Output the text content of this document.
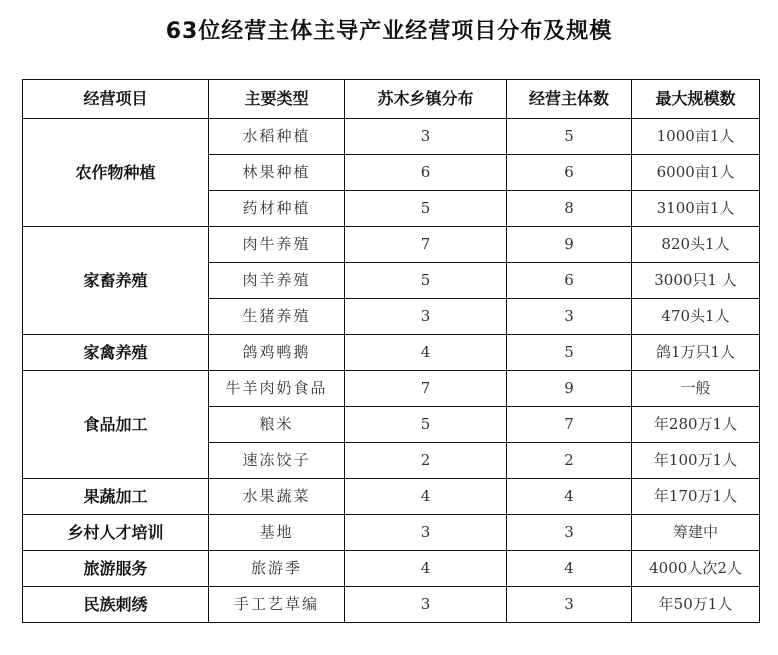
63位经营主体主导产业经营项目分布及规模
经营项目	主要类型	苏木乡镇分布	经营主体数	最大规模数
农作物种植	水稻种植	3	5	1000亩1人
	林果种植	6	6	6000亩1人
	药材种植	5	8	3100亩1人
家畜养殖	肉牛养殖	7	9	820头1人
	肉羊养殖	5	6	3000只1 人
	生猪养殖	3	3	470头1人
家禽养殖	鸽鸡鸭鹅	4	5	鸽1万只1人
食品加工	牛羊肉奶食品	7	9	一般
	粮米	5	7	年280万1人
	速冻饺子	2	2	年100万1人
果蔬加工	水果蔬菜	4	4	年170万1人
乡村人才培训	基地	3	3	筹建中
旅游服务	旅游季	4	4	4000人次2人
民族刺绣	手工艺草编	3	3	年50万1人
